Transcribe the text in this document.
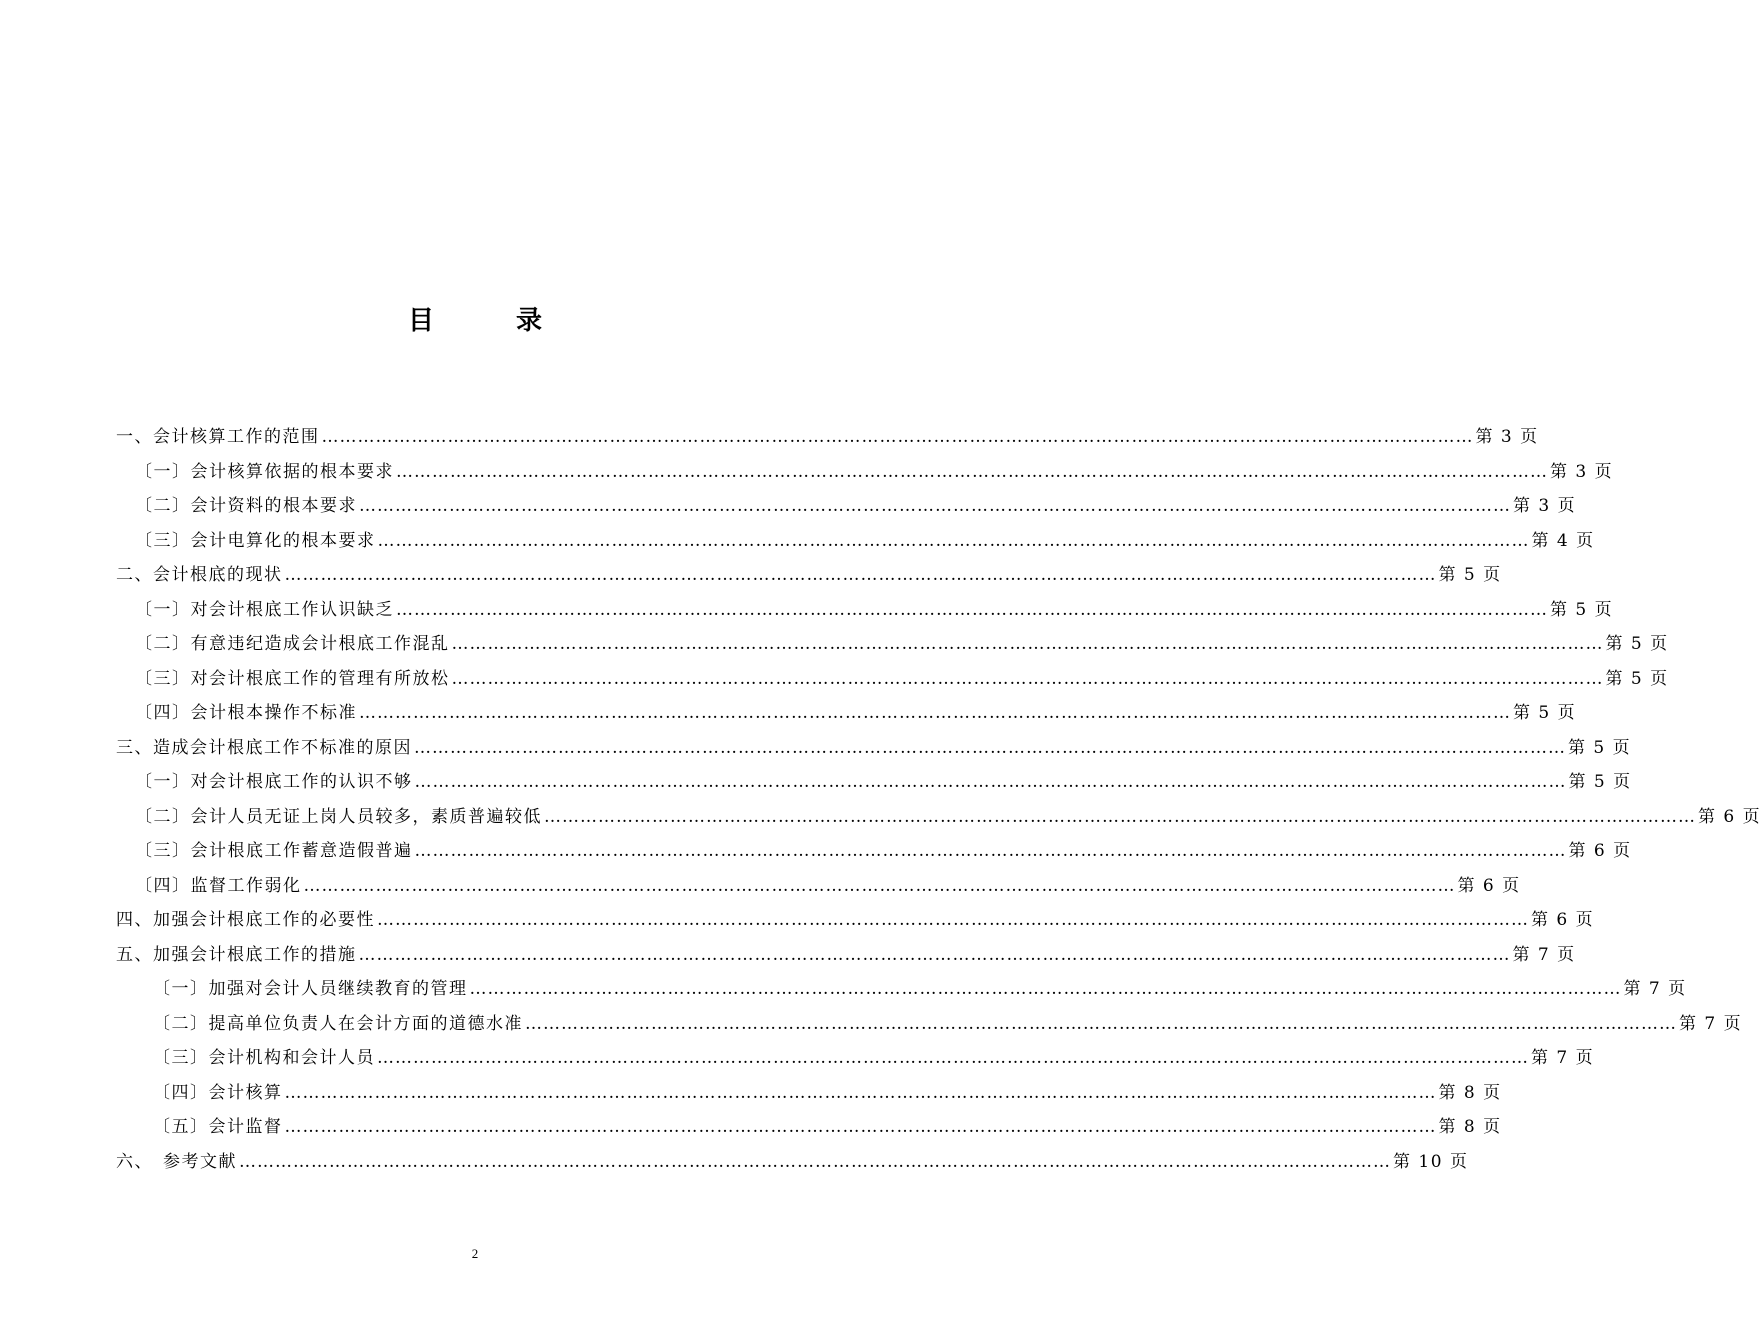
目　录
一、会计核算工作的范围 ………………………………………………………………………………………………………………………………………………………………………… 第 3 页
〔一〕会计核算依据的根本要求 ………………………………………………………………………………………………………………………………………………………………………… 第 3 页
〔二〕会计资料的根本要求 ………………………………………………………………………………………………………………………………………………………………………… 第 3 页
〔三〕会计电算化的根本要求 ………………………………………………………………………………………………………………………………………………………………………… 第 4 页
二、会计根底的现状 ………………………………………………………………………………………………………………………………………………………………………… 第 5 页
〔一〕对会计根底工作认识缺乏 ………………………………………………………………………………………………………………………………………………………………………… 第 5 页
〔二〕有意违纪造成会计根底工作混乱 ………………………………………………………………………………………………………………………………………………………………………… 第 5 页
〔三〕对会计根底工作的管理有所放松 ………………………………………………………………………………………………………………………………………………………………………… 第 5 页
〔四〕会计根本操作不标准 ………………………………………………………………………………………………………………………………………………………………………… 第 5 页
三、造成会计根底工作不标准的原因 ………………………………………………………………………………………………………………………………………………………………………… 第 5 页
〔一〕对会计根底工作的认识不够 ………………………………………………………………………………………………………………………………………………………………………… 第 5 页
〔二〕会计人员无证上岗人员较多，素质普遍较低 ………………………………………………………………………………………………………………………………………………………………………… 第 6 页
〔三〕会计根底工作蓄意造假普遍 ………………………………………………………………………………………………………………………………………………………………………… 第 6 页
〔四〕监督工作弱化 ………………………………………………………………………………………………………………………………………………………………………… 第 6 页
四、加强会计根底工作的必要性 ………………………………………………………………………………………………………………………………………………………………………… 第 6 页
五、加强会计根底工作的措施 ………………………………………………………………………………………………………………………………………………………………………… 第 7 页
〔一〕加强对会计人员继续教育的管理 ………………………………………………………………………………………………………………………………………………………………………… 第 7 页
〔二〕提高单位负责人在会计方面的道德水准 ………………………………………………………………………………………………………………………………………………………………………… 第 7 页
〔三〕会计机构和会计人员 ………………………………………………………………………………………………………………………………………………………………………… 第 7 页
〔四〕会计核算 ………………………………………………………………………………………………………………………………………………………………………… 第 8 页
〔五〕会计监督 ………………………………………………………………………………………………………………………………………………………………………… 第 8 页
六、　参考文献 ………………………………………………………………………………………………………………………………………………………………………… 第 10 页
2
